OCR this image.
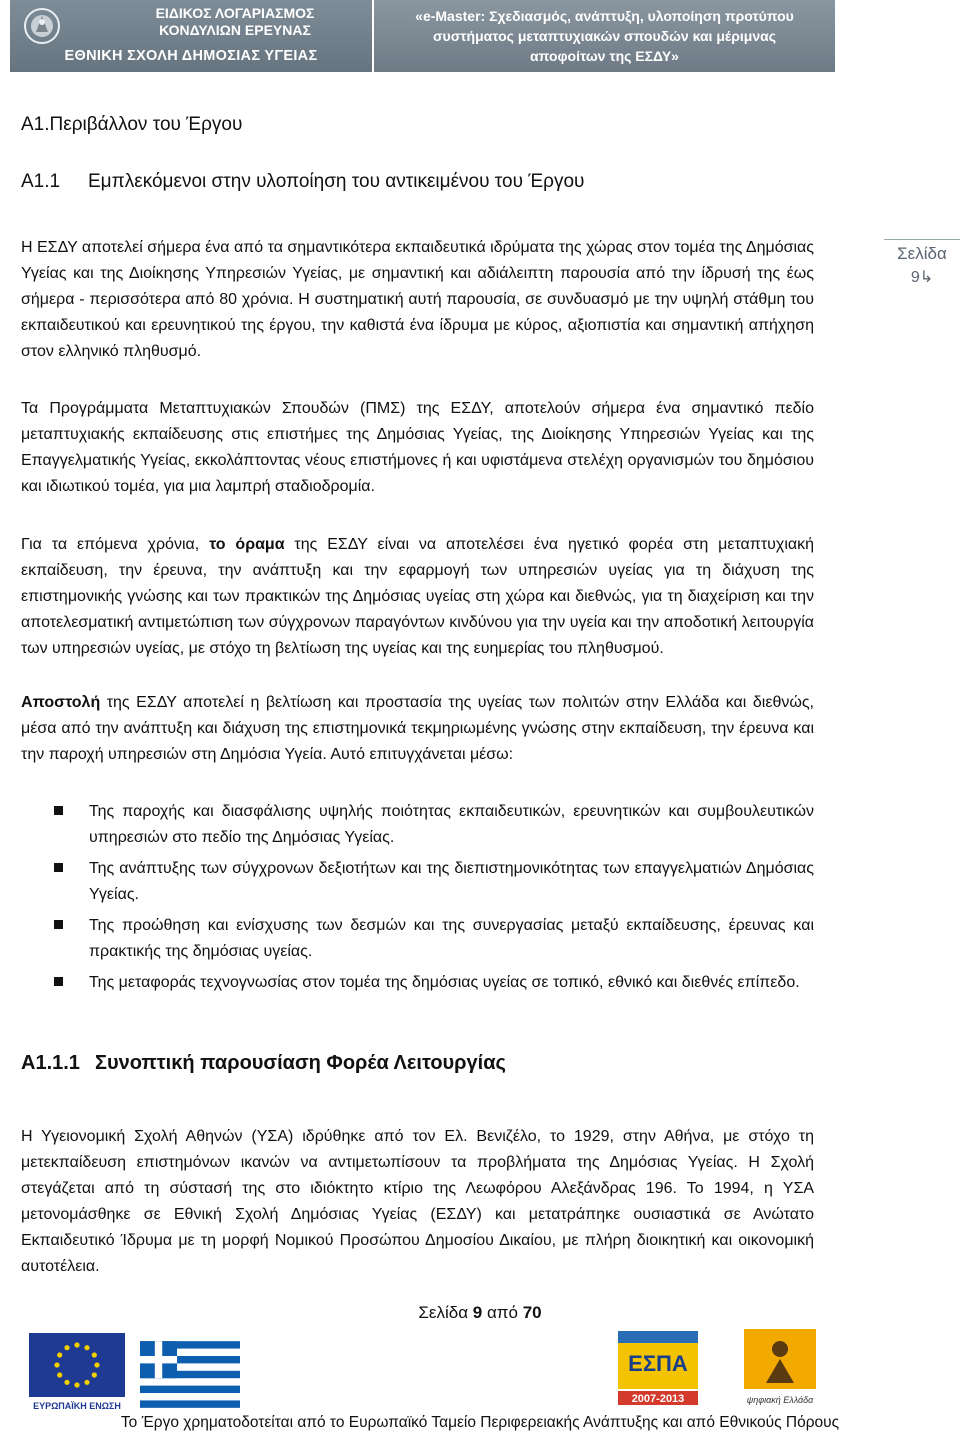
ΕΙΔΙΚΟΣ ΛΟΓΑΡΙΑΣΜΟΣ
ΚΟΝΔΥΛΙΩΝ ΕΡΕΥΝΑΣ
ΕΘΝΙΚΗ ΣΧΟΛΗ ΔΗΜΟΣΙΑΣ ΥΓΕΙΑΣ
«e-Master: Σχεδιασμός, ανάπτυξη, υλοποίηση προτύπου
συστήματος μεταπτυχιακών σπουδών και μέριμνας
αποφοίτων της ΕΣΔΥ»
A1.Περιβάλλον του Έργου
A1.1 Εμπλεκόμενοι στην υλοποίηση του αντικειμένου του Έργου
Σελίδα
9↳

Η ΕΣΔΥ αποτελεί σήμερα ένα από τα σημαντικότερα εκπαιδευτικά ιδρύματα της χώρας στον τομέα της Δημόσιας Υγείας και της Διοίκησης Υπηρεσιών Υγείας, με σημαντική και αδιάλειπτη παρουσία από την ίδρυσή της έως σήμερα - περισσότερα από 80 χρόνια. Η συστηματική αυτή παρουσία, σε συνδυασμό με την υψηλή στάθμη του εκπαιδευτικού και ερευνητικού της έργου, την καθιστά ένα ίδρυμα με κύρος, αξιοπιστία και σημαντική απήχηση στον ελληνικό πληθυσμό.

Τα Προγράμματα Μεταπτυχιακών Σπουδών (ΠΜΣ) της ΕΣΔΥ, αποτελούν σήμερα ένα σημαντικό πεδίο μεταπτυχιακής εκπαίδευσης στις επιστήμες της Δημόσιας Υγείας, της Διοίκησης Υπηρεσιών Υγείας και της Επαγγελματικής Υγείας, εκκολάπτοντας νέους επιστήμονες ή και υφιστάμενα στελέχη οργανισμών του δημόσιου και ιδιωτικού τομέα, για μια λαμπρή σταδιοδρομία.

Για τα επόμενα χρόνια, το όραμα της ΕΣΔΥ είναι να αποτελέσει ένα ηγετικό φορέα στη μεταπτυχιακή εκπαίδευση, την έρευνα, την ανάπτυξη και την εφαρμογή των υπηρεσιών υγείας για τη διάχυση της επιστημονικής γνώσης και των πρακτικών της Δημόσιας υγείας στη χώρα και διεθνώς, για τη διαχείριση και την αποτελεσματική αντιμετώπιση των σύγχρονων παραγόντων κινδύνου για την υγεία και την αποδοτική λειτουργία των υπηρεσιών υγείας, με στόχο τη βελτίωση της υγείας και της ευημερίας του πληθυσμού.

Αποστολή της ΕΣΔΥ αποτελεί η βελτίωση και προστασία της υγείας των πολιτών στην Ελλάδα και διεθνώς, μέσα από την ανάπτυξη και διάχυση της επιστημονικά τεκμηριωμένης γνώσης στην εκπαίδευση, την έρευνα και την παροχή υπηρεσιών στη Δημόσια Υγεία. Αυτό επιτυγχάνεται μέσω:

Της παροχής και διασφάλισης υψηλής ποιότητας εκπαιδευτικών, ερευνητικών και συμβουλευτικών υπηρεσιών στο πεδίο της Δημόσιας Υγείας.
Της ανάπτυξης των σύγχρονων δεξιοτήτων και της διεπιστημονικότητας των επαγγελματιών Δημόσιας Υγείας.
Της προώθηση και ενίσχυσης των δεσμών και της συνεργασίας μεταξύ εκπαίδευσης, έρευνας και πρακτικής της δημόσιας υγείας.
Της μεταφοράς τεχνογνωσίας στον τομέα της δημόσιας υγείας σε τοπικό, εθνικό και διεθνές επίπεδο.
A1.1.1 Συνοπτική παρουσίαση Φορέα Λειτουργίας

Η Υγειονομική Σχολή Αθηνών (ΥΣΑ) ιδρύθηκε από τον Ελ. Βενιζέλο, το 1929, στην Αθήνα, με στόχο τη μετεκπαίδευση επιστημόνων ικανών να αντιμετωπίσουν τα προβλήματα της Δημόσιας Υγείας. Η Σχολή στεγάζεται από τη σύστασή της στο ιδιόκτητο κτίριο της Λεωφόρου Αλεξάνδρας 196. Το 1994, η ΥΣΑ μετονομάσθηκε σε Εθνική Σχολή Δημόσιας Υγείας (ΕΣΔΥ) και μετατράπηκε ουσιαστικά σε Ανώτατο Εκπαιδευτικό Ίδρυμα με τη μορφή Νομικού Προσώπου Δημοσίου Δικαίου, με πλήρη διοικητική και οικονομική αυτοτέλεια.

Σελίδα 9 από 70
ΕΥΡΩΠΑΪΚΗ ΕΝΩΣΗ
ΕΣΠΑ
2007-2013	ψηφιακή Ελλάδα
Το Έργο χρηματοδοτείται από το Ευρωπαϊκό Ταμείο Περιφερειακής Ανάπτυξης και από Εθνικούς Πόρους
